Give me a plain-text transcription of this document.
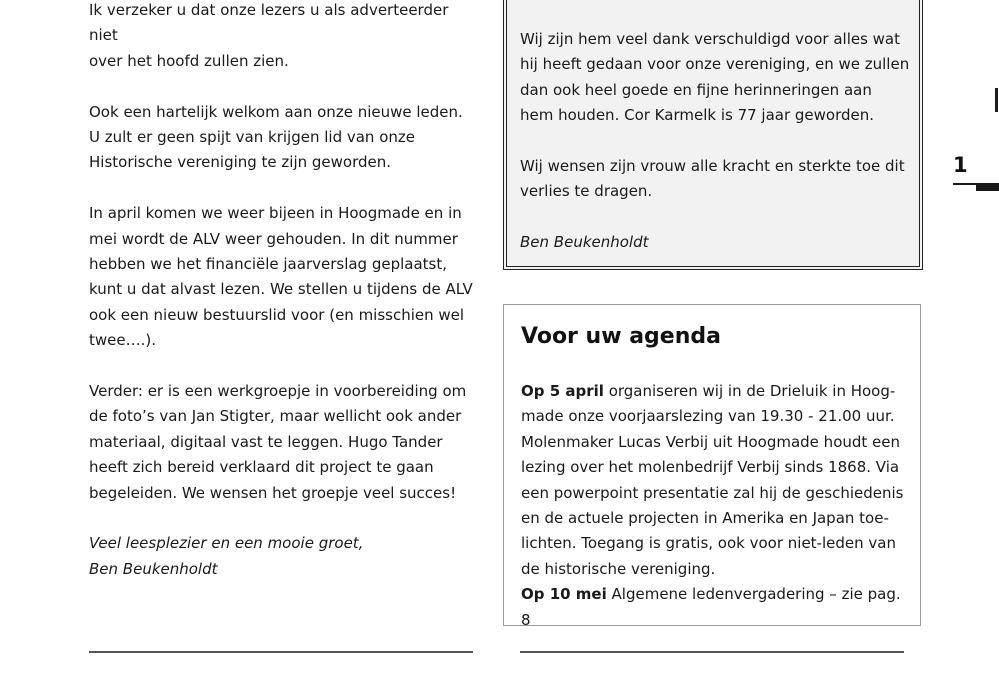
Ik verzeker u dat onze lezers u als adverteerder niet
over het hoofd zullen zien.

Ook een hartelijk welkom aan onze nieuwe leden.
U zult er geen spijt van krijgen lid van onze
Historische vereniging te zijn geworden.

In april komen we weer bijeen in Hoogmade en in
mei wordt de ALV weer gehouden. In dit nummer
hebben we het financiële jaarverslag geplaatst,
kunt u dat alvast lezen. We stellen u tijdens de ALV
ook een nieuw bestuurslid voor (en misschien wel
twee….).

Verder: er is een werkgroepje in voorbereiding om
de foto’s van Jan Stigter, maar wellicht ook ander
materiaal, digitaal vast te leggen. Hugo Tander
heeft zich bereid verklaard dit project te gaan
begeleiden. We wensen het groepje veel succes!

Veel leesplezier en een mooie groet,
Ben Beukenholdt

Wij zijn hem veel dank verschuldigd voor alles wat
hij heeft gedaan voor onze vereniging, en we zullen
dan ook heel goede en fijne herinneringen aan
hem houden. Cor Karmelk is 77 jaar geworden.

Wij wensen zijn vrouw alle kracht en sterkte toe dit
verlies te dragen.

Ben Beukenholdt

Voor uw agenda

Op 5 april organiseren wij in de Drieluik in Hoog-
made onze voorjaarslezing van 19.30 - 21.00 uur.
Molenmaker Lucas Verbij uit Hoogmade houdt een
lezing over het molenbedrijf Verbij sinds 1868. Via
een powerpoint presentatie zal hij de geschiedenis
en de actuele projecten in Amerika en Japan toe-
lichten. Toegang is gratis, ook voor niet-leden van
de historische vereniging.

Op 10 mei Algemene ledenvergadering – zie pag. 8

1
